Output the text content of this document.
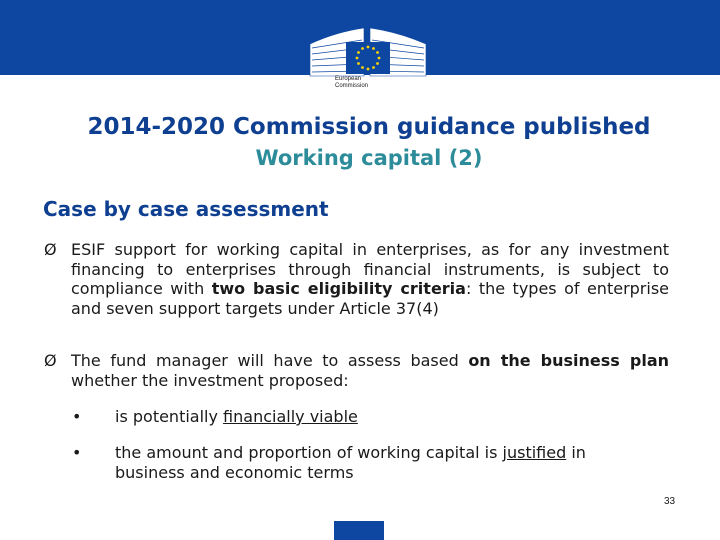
European
Commission
2014-2020 Commission guidance published
Working capital (2)
Case by case assessment
Ø ESIF support for working capital in enterprises, as for any investment financing to enterprises through financial instruments, is subject to compliance with two basic eligibility criteria: the types of enterprise and seven support targets under Article 37(4)
Ø The fund manager will have to assess based on the business plan whether the investment proposed:
• is potentially financially viable
• the amount and proportion of working capital is justified in business and economic terms
33
